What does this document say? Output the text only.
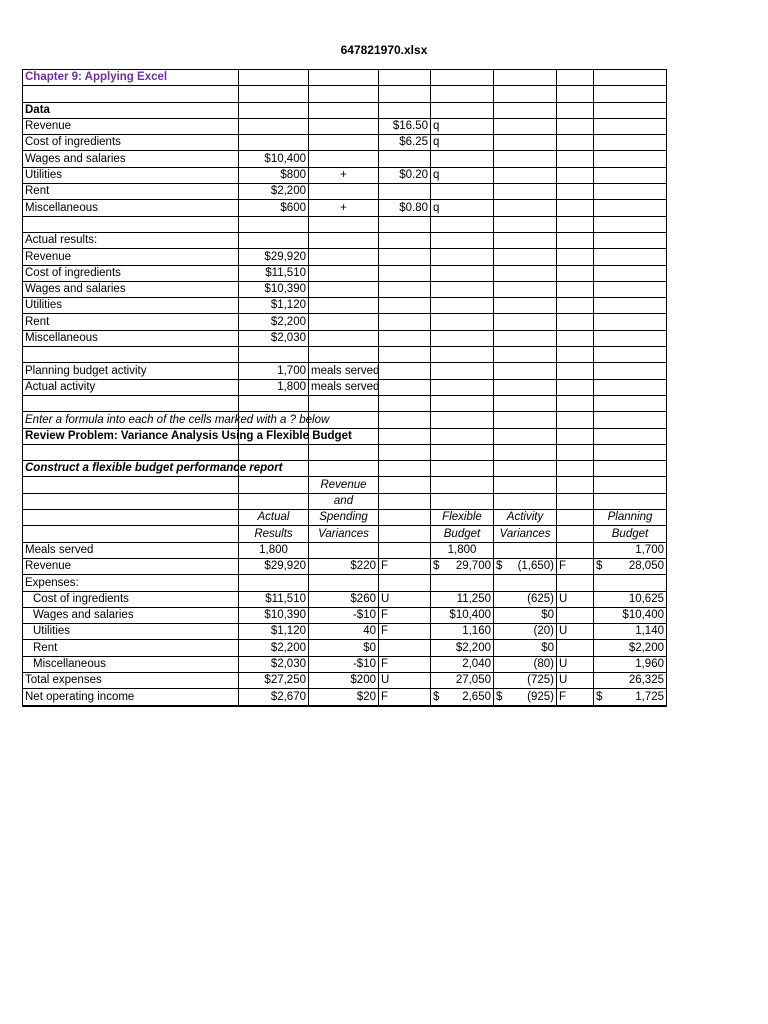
647821970.xlsx
Chapter 9: Applying Excel							

Data							
Revenue			$16.50	q			
Cost of ingredients			$6.25	q			
Wages and salaries	$10,400						
Utilities	$800	+	$0.20	q			
Rent	$2,200						
Miscellaneous	$600	+	$0.80	q			

Actual results:							
Revenue	$29,920						
Cost of ingredients	$11,510						
Wages and salaries	$10,390						
Utilities	$1,120						
Rent	$2,200						
Miscellaneous	$2,030						

Planning budget activity	1,700	meals served					
Actual activity	1,800	meals served					

Enter a formula into each of the cells marked with a ? below							
Review Problem: Variance Analysis Using a Flexible Budget							

Construct a flexible budget performance report							
		Revenue					
		and					
	Actual	Spending		Flexible	Activity		Planning
	Results	Variances		Budget	Variances		Budget
Meals served	1,800			1,800			1,700
Revenue	$29,920	$220	F	$ 29,700	$ (1,650)	F	$ 28,050

Expenses:							
Cost of ingredients	$11,510	$260	U	11,250	(625)	U	10,625
Wages and salaries	$10,390	-$10	F	$10,400	$0		$10,400
Utilities	$1,120	40	F	1,160	(20)	U	1,140
Rent	$2,200	$0		$2,200	$0		$2,200
Miscellaneous	$2,030	-$10	F	2,040	(80)	U	1,960
Total expenses	$27,250	$200	U	27,050	(725)	U	26,325
Net operating income	$2,670	$20	F	$ 2,650	$ (925)	F	$ 1,725
